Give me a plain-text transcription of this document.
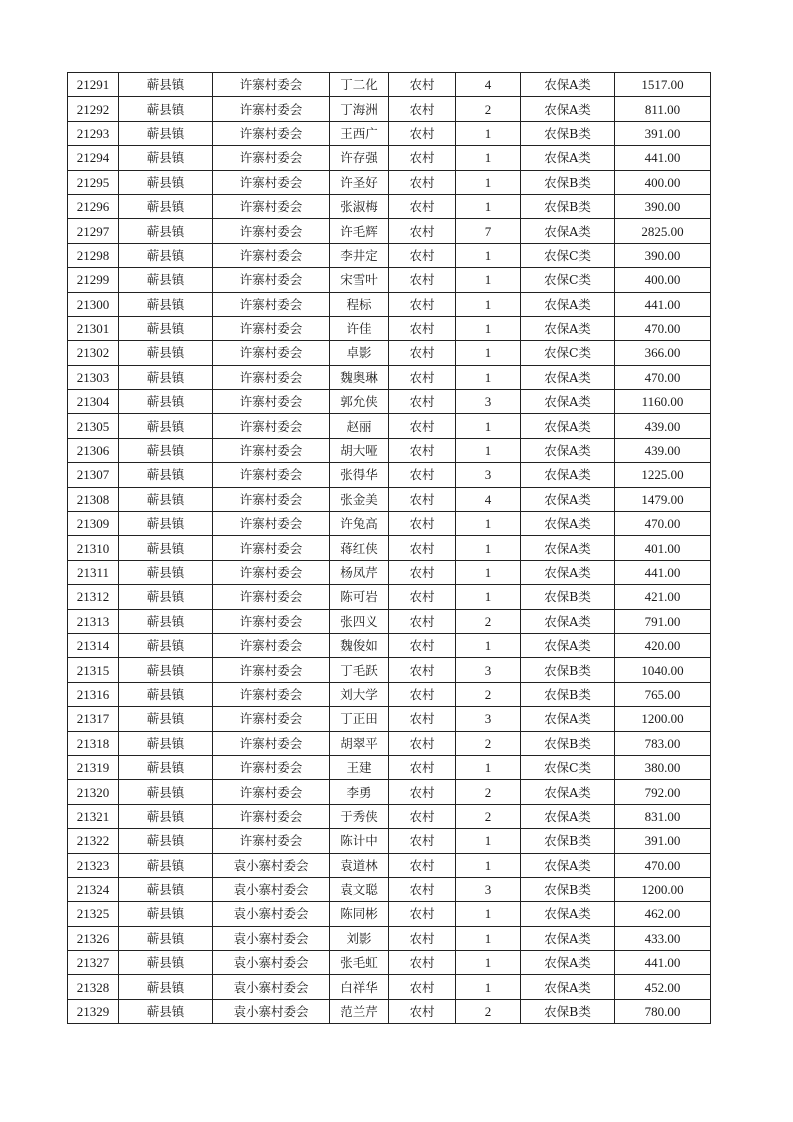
21291	蕲县镇	许寨村委会	丁二化	农村	4	农保A类	1517.00
21292	蕲县镇	许寨村委会	丁海洲	农村	2	农保A类	811.00
21293	蕲县镇	许寨村委会	王西广	农村	1	农保B类	391.00
21294	蕲县镇	许寨村委会	许存强	农村	1	农保A类	441.00
21295	蕲县镇	许寨村委会	许圣好	农村	1	农保B类	400.00
21296	蕲县镇	许寨村委会	张淑梅	农村	1	农保B类	390.00
21297	蕲县镇	许寨村委会	许毛辉	农村	7	农保A类	2825.00
21298	蕲县镇	许寨村委会	李井定	农村	1	农保C类	390.00
21299	蕲县镇	许寨村委会	宋雪叶	农村	1	农保C类	400.00
21300	蕲县镇	许寨村委会	程标	农村	1	农保A类	441.00
21301	蕲县镇	许寨村委会	许佳	农村	1	农保A类	470.00
21302	蕲县镇	许寨村委会	卓影	农村	1	农保C类	366.00
21303	蕲县镇	许寨村委会	魏奥琳	农村	1	农保A类	470.00
21304	蕲县镇	许寨村委会	郭允侠	农村	3	农保A类	1160.00
21305	蕲县镇	许寨村委会	赵丽	农村	1	农保A类	439.00
21306	蕲县镇	许寨村委会	胡大哑	农村	1	农保A类	439.00
21307	蕲县镇	许寨村委会	张得华	农村	3	农保A类	1225.00
21308	蕲县镇	许寨村委会	张金美	农村	4	农保A类	1479.00
21309	蕲县镇	许寨村委会	许兔高	农村	1	农保A类	470.00
21310	蕲县镇	许寨村委会	蒋红侠	农村	1	农保A类	401.00
21311	蕲县镇	许寨村委会	杨凤芹	农村	1	农保A类	441.00
21312	蕲县镇	许寨村委会	陈可岩	农村	1	农保B类	421.00
21313	蕲县镇	许寨村委会	张四义	农村	2	农保A类	791.00
21314	蕲县镇	许寨村委会	魏俊如	农村	1	农保A类	420.00
21315	蕲县镇	许寨村委会	丁毛跃	农村	3	农保B类	1040.00
21316	蕲县镇	许寨村委会	刘大学	农村	2	农保B类	765.00
21317	蕲县镇	许寨村委会	丁正田	农村	3	农保A类	1200.00
21318	蕲县镇	许寨村委会	胡翠平	农村	2	农保B类	783.00
21319	蕲县镇	许寨村委会	王建	农村	1	农保C类	380.00
21320	蕲县镇	许寨村委会	李勇	农村	2	农保A类	792.00
21321	蕲县镇	许寨村委会	于秀侠	农村	2	农保A类	831.00
21322	蕲县镇	许寨村委会	陈计中	农村	1	农保B类	391.00
21323	蕲县镇	袁小寨村委会	袁道林	农村	1	农保A类	470.00
21324	蕲县镇	袁小寨村委会	袁文聪	农村	3	农保B类	1200.00
21325	蕲县镇	袁小寨村委会	陈同彬	农村	1	农保A类	462.00
21326	蕲县镇	袁小寨村委会	刘影	农村	1	农保A类	433.00
21327	蕲县镇	袁小寨村委会	张毛虹	农村	1	农保A类	441.00
21328	蕲县镇	袁小寨村委会	白祥华	农村	1	农保A类	452.00
21329	蕲县镇	袁小寨村委会	范兰芹	农村	2	农保B类	780.00
